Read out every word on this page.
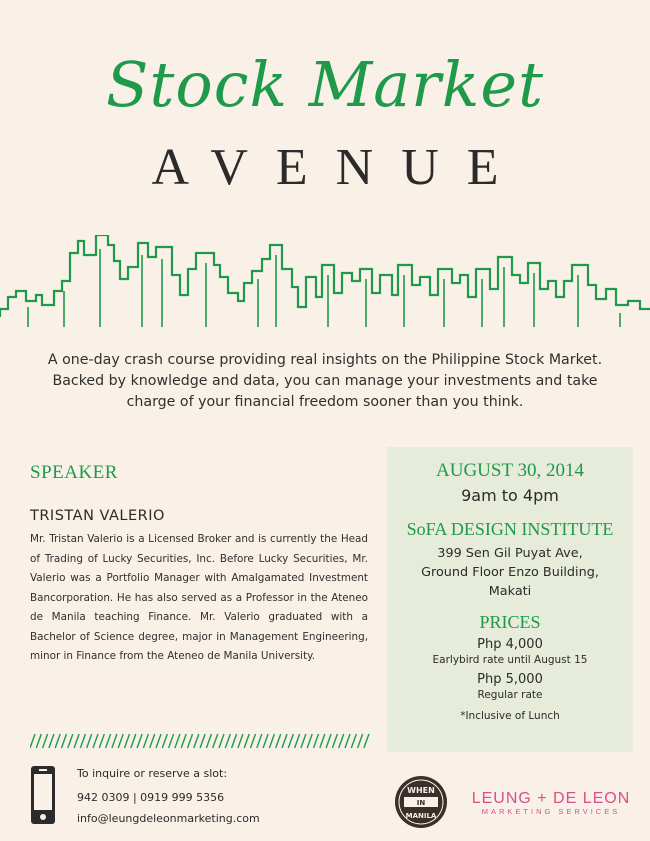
Stock Market
AVENUE
A one-day crash course providing real insights on the Philippine Stock Market. Backed by knowledge and data, you can manage your investments and take charge of your financial freedom sooner than you think.
SPEAKER
TRISTAN VALERIO
Mr. Tristan Valerio is a Licensed Broker and is currently the Head of Trading of Lucky Securities, Inc. Before Lucky Securities, Mr. Valerio was a Portfolio Manager with Amalgamated Investment Bancorporation. He has also served as a Professor in the Ateneo de Manila teaching Finance. Mr. Valerio graduated with a Bachelor of Science degree, major in Management Engineering, minor in Finance from the Ateneo de Manila University.
To inquire or reserve a slot:
942 0309 | 0919 999 5356
info@leungdeleonmarketing.com
AUGUST 30, 2014
9am to 4pm
SoFA DESIGN INSTITUTE
399 Sen Gil Puyat Ave,
Ground Floor Enzo Building,
Makati
PRICES
Php 4,000
Earlybird rate until August 15
Php 5,000
Regular rate
*Inclusive of Lunch
WHEN
IN
MANILA
LEUNG + DE LEON
MARKETING SERVICES
